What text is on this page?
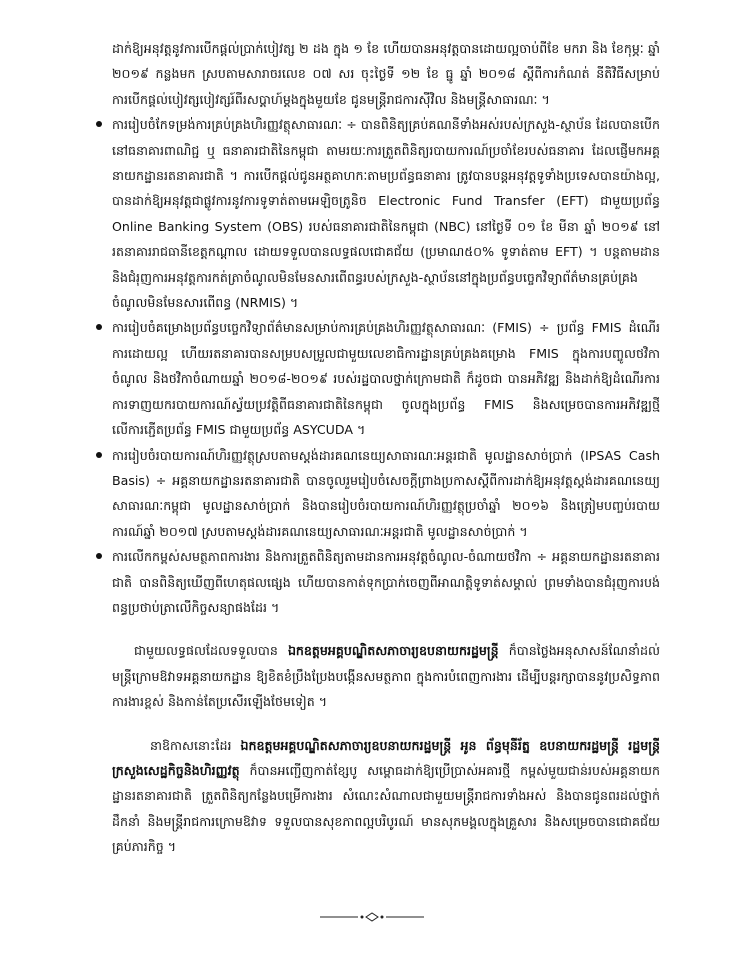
ដាក់ឱ្យអនុវត្តនូវការបើកផ្តល់ប្រាក់បៀវត្ស ២ ដង ក្នុង ១ ខែ ហើយបានអនុវត្តបានដោយល្អចាប់ពីខែ មករា និង ខែកុម្ភៈ ឆ្នាំ ២០១៩ កន្លងមក ស្របតាមសារាចរលេខ ០៧ សរ ចុះថ្ងៃទី ១២ ខែ ធ្នូ ឆ្នាំ ២០១៨ ស្តីពីការកំណត់ នីតិវិធីសម្រាប់ការបើកផ្តល់បៀវត្សបៀវត្សរ៍ពីរសប្តាហ៍ម្តងក្នុងមួយខែ ជូនមន្ត្រីរាជការស៊ីវិល និងមន្ត្រីសាធារណៈ ។

ការរៀបចំកែទម្រង់ការគ្រប់គ្រងហិរញ្ញវត្ថុសាធារណៈ ÷ បានពិនិត្យគ្រប់គណនីទាំងអស់របស់ក្រសួង-ស្ថាប័ន ដែលបានបើកនៅធនាគារពាណិជ្ជ ឬ ធនាគារជាតិនៃកម្ពុជា តាមរយៈការត្រួតពិនិត្យរបាយការណ៍ប្រចាំខែរបស់ធនាគារ ដែលផ្ញើមកអគ្គនាយកដ្ឋានរតនាគារជាតិ ។ ការបើកផ្តល់ជូនអត្ថគាហកៈតាមប្រព័ន្ធធនាគារ ត្រូវបានបន្តអនុវត្តទូទាំងប្រទេសបានយ៉ាងល្អ, បានដាក់ឱ្យអនុវត្តជាផ្លូវការនូវការទូទាត់តាមអេឡិចត្រូនិច Electronic Fund Transfer (EFT) ជាមួយប្រព័ន្ធ Online Banking System (OBS) របស់ធនាគារជាតិនៃកម្ពុជា (NBC) នៅថ្ងៃទី ០១ ខែ មីនា ឆ្នាំ ២០១៩ នៅរតនាគាររាជធានីខេត្តកណ្តាល ដោយទទួលបានលទ្ធផលជោគជ័យ (ប្រមាណ៥០% ទូទាត់តាម EFT) ។ បន្តតាមដាន និងជំរុញការអនុវត្តការកត់ត្រាចំណូលមិនមែនសារពើពន្ធរបស់ក្រសួង-ស្ថាប័ននៅក្នុងប្រព័ន្ធបច្ចេកវិទ្យាព័ត៌មានគ្រប់គ្រងចំណូលមិនមែនសារពើពន្ធ (NRMIS) ។
ការរៀបចំគម្រោងប្រព័ន្ធបច្ចេកវិទ្យាព័ត៌មានសម្រាប់ការគ្រប់គ្រងហិរញ្ញវត្ថុសាធារណៈ (FMIS) ÷ ប្រព័ន្ធ FMIS ដំណើរការដោយល្អ ហើយរតនាគារបានសម្របសម្រួលជាមួយលេខាធិការដ្ឋានគ្រប់គ្រងគម្រោង FMIS ក្នុងការបញ្ចូលថវិកាចំណូល និងថវិកាចំណាយឆ្នាំ ២០១៨-២០១៩ របស់រដ្ឋបាលថ្នាក់ក្រោមជាតិ ក៏ដូចជា បានអភិវឌ្ឍ និងដាក់ឱ្យដំណើរការការទាញយករបាយការណ៍ស្វ័យប្រវត្តិពីធនាគារជាតិនៃកម្ពុជា ចូលក្នុងប្រព័ន្ធ FMIS និងសម្រេចបានការអភិវឌ្ឍថ្មីលើការភ្ជើតប្រព័ន្ធ FMIS ជាមួយប្រព័ន្ធ ASYCUDA ។
ការរៀបចំរបាយការណ៍ហិរញ្ញវត្ថុស្របតាមស្តង់ដារគណនេយ្យសាធារណៈអន្តរជាតិ មូលដ្ឋានសាច់ប្រាក់ (IPSAS Cash Basis) ÷ អគ្គនាយកដ្ឋានរតនាគារជាតិ បានចូលរួមរៀបចំសេចក្តីព្រាងប្រកាសស្តីពីការដាក់ឱ្យអនុវត្តស្តង់ដារគណនេយ្យ សាធារណៈកម្ពុជា មូលដ្ឋានសាច់ប្រាក់ និងបានរៀបចំរបាយការណ៍ហិរញ្ញវត្ថុប្រចាំឆ្នាំ ២០១៦ និងត្រៀមបញ្ចប់របាយការណ៍ឆ្នាំ ២០១៧ ស្របតាមស្តង់ដារគណនេយ្យសាធារណៈអន្តរជាតិ មូលដ្ឋានសាច់ប្រាក់ ។
ការលើកកម្ពស់សមត្ថភាពការងារ និងការត្រួតពិនិត្យតាមដានការអនុវត្តចំណូល-ចំណាយថវិកា ÷ អគ្គនាយកដ្ឋានរតនាគារជាតិ បានពិនិត្យឃើញពីហេតុផលផ្សេង ហើយបានកាត់ទុកប្រាក់ចេញពីអាណត្តិទូទាត់សម្គាល់ ព្រមទាំងបានជំរុញការបង់ពន្ធប្រថាប់ត្រាលើកិច្ចសន្យាផងដែរ ។

ជាមួយលទ្ធផលដែលទទួលបាន ឯកឧត្តមអគ្គបណ្ឌិតសភាចារ្យឧបនាយករដ្ឋមន្ត្រី ក៏បានថ្លៃងអនុសាសន៍ណែនាំដល់មន្ត្រីក្រោមឱវាទអគ្គនាយកដ្ឋាន ឱ្យខិតខំប្រឹងប្រែងបង្កើនសមត្ថភាព ក្នុងការបំពេញការងារ ដើម្បីបន្តរក្សាបាននូវប្រសិទ្ធភាពការងារខ្ពស់ និងកាន់តែប្រសើរឡើងថែមទៀត ។

នាឱកាសនោះដែរ ឯកឧត្តមអគ្គបណ្ឌិតសភាចារ្យឧបនាយករដ្ឋមន្ត្រី អូន ព័ន្ធមុនីរ័ត្ន ឧបនាយករដ្ឋមន្ត្រី រដ្ឋមន្ត្រីក្រសួងសេដ្ឋកិច្ចនិងហិរញ្ញវត្ថុ ក៏បានអញ្ជើញកាត់ខ្សែបូ សម្ពោធដាក់ឱ្យប្រើប្រាស់អគារថ្មី កម្ពស់មួយជាន់របស់អគ្គនាយកដ្ឋានរតនាគារជាតិ ត្រួតពិនិត្យកន្លែងបម្រើការងារ សំណេះសំណាលជាមួយមន្ត្រីរាជការទាំងអស់ និងបានជូនពរដល់ថ្នាក់ដឹកនាំ និងមន្ត្រីរាជការក្រោមឱវាទ ទទួលបានសុខភាពល្អបរិបូរណ៍ មានសុភមង្គលក្នុងគ្រួសារ និងសម្រេចបានជោគជ័យគ្រប់ភារកិច្ច ។
